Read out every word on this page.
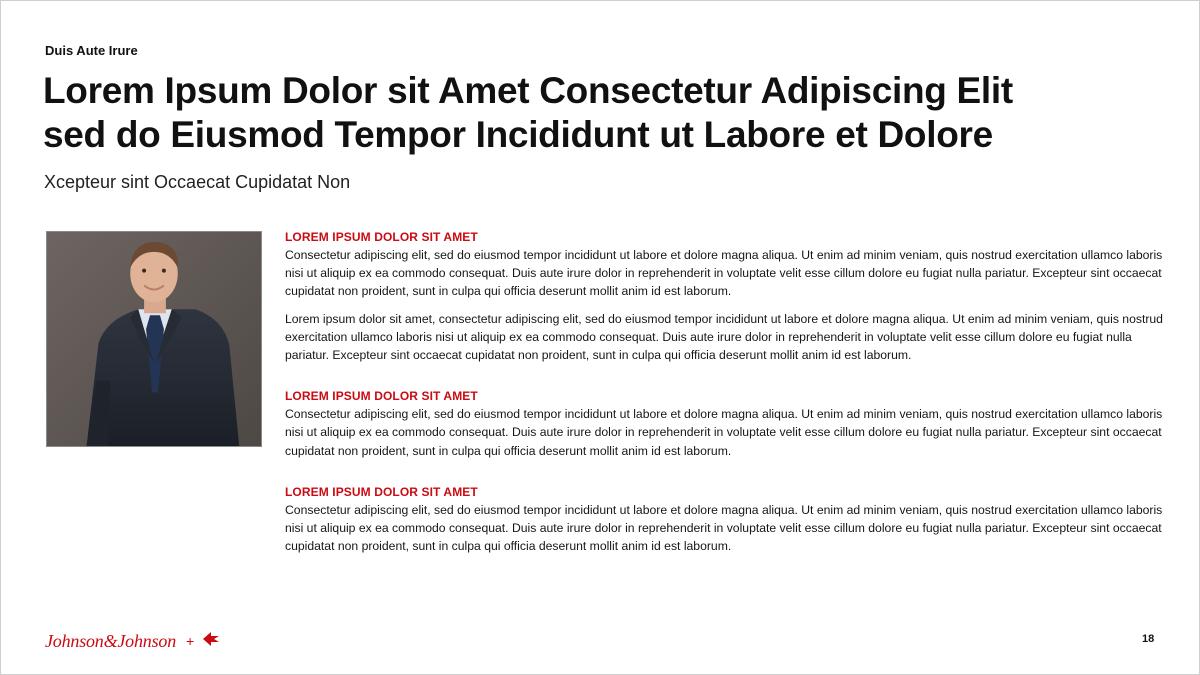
Duis Aute Irure
Lorem Ipsum Dolor sit Amet Consectetur Adipiscing Elit
sed do Eiusmod Tempor Incididunt ut Labore et Dolore
Xcepteur sint Occaecat Cupidatat Non
LOREM IPSUM DOLOR SIT AMET

Consectetur adipiscing elit, sed do eiusmod tempor incididunt ut labore et dolore magna aliqua. Ut enim ad minim veniam, quis nostrud exercitation ullamco laboris nisi ut aliquip ex ea commodo consequat. Duis aute irure dolor in reprehenderit in voluptate velit esse cillum dolore eu fugiat nulla pariatur. Excepteur sint occaecat cupidatat non proident, sunt in culpa qui officia deserunt mollit anim id est laborum.

Lorem ipsum dolor sit amet, consectetur adipiscing elit, sed do eiusmod tempor incididunt ut labore et dolore magna aliqua. Ut enim ad minim veniam, quis nostrud exercitation ullamco laboris nisi ut aliquip ex ea commodo consequat. Duis aute irure dolor in reprehenderit in voluptate velit esse cillum dolore eu fugiat nulla pariatur. Excepteur sint occaecat cupidatat non proident, sunt in culpa qui officia deserunt mollit anim id est laborum.

LOREM IPSUM DOLOR SIT AMET

Consectetur adipiscing elit, sed do eiusmod tempor incididunt ut labore et dolore magna aliqua. Ut enim ad minim veniam, quis nostrud exercitation ullamco laboris nisi ut aliquip ex ea commodo consequat. Duis aute irure dolor in reprehenderit in voluptate velit esse cillum dolore eu fugiat nulla pariatur. Excepteur sint occaecat cupidatat non proident, sunt in culpa qui officia deserunt mollit anim id est laborum.

LOREM IPSUM DOLOR SIT AMET

Consectetur adipiscing elit, sed do eiusmod tempor incididunt ut labore et dolore magna aliqua. Ut enim ad minim veniam, quis nostrud exercitation ullamco laboris nisi ut aliquip ex ea commodo consequat. Duis aute irure dolor in reprehenderit in voluptate velit esse cillum dolore eu fugiat nulla pariatur. Excepteur sint occaecat cupidatat non proident, sunt in culpa qui officia deserunt mollit anim id est laborum.

Johnson&Johnson +	18
